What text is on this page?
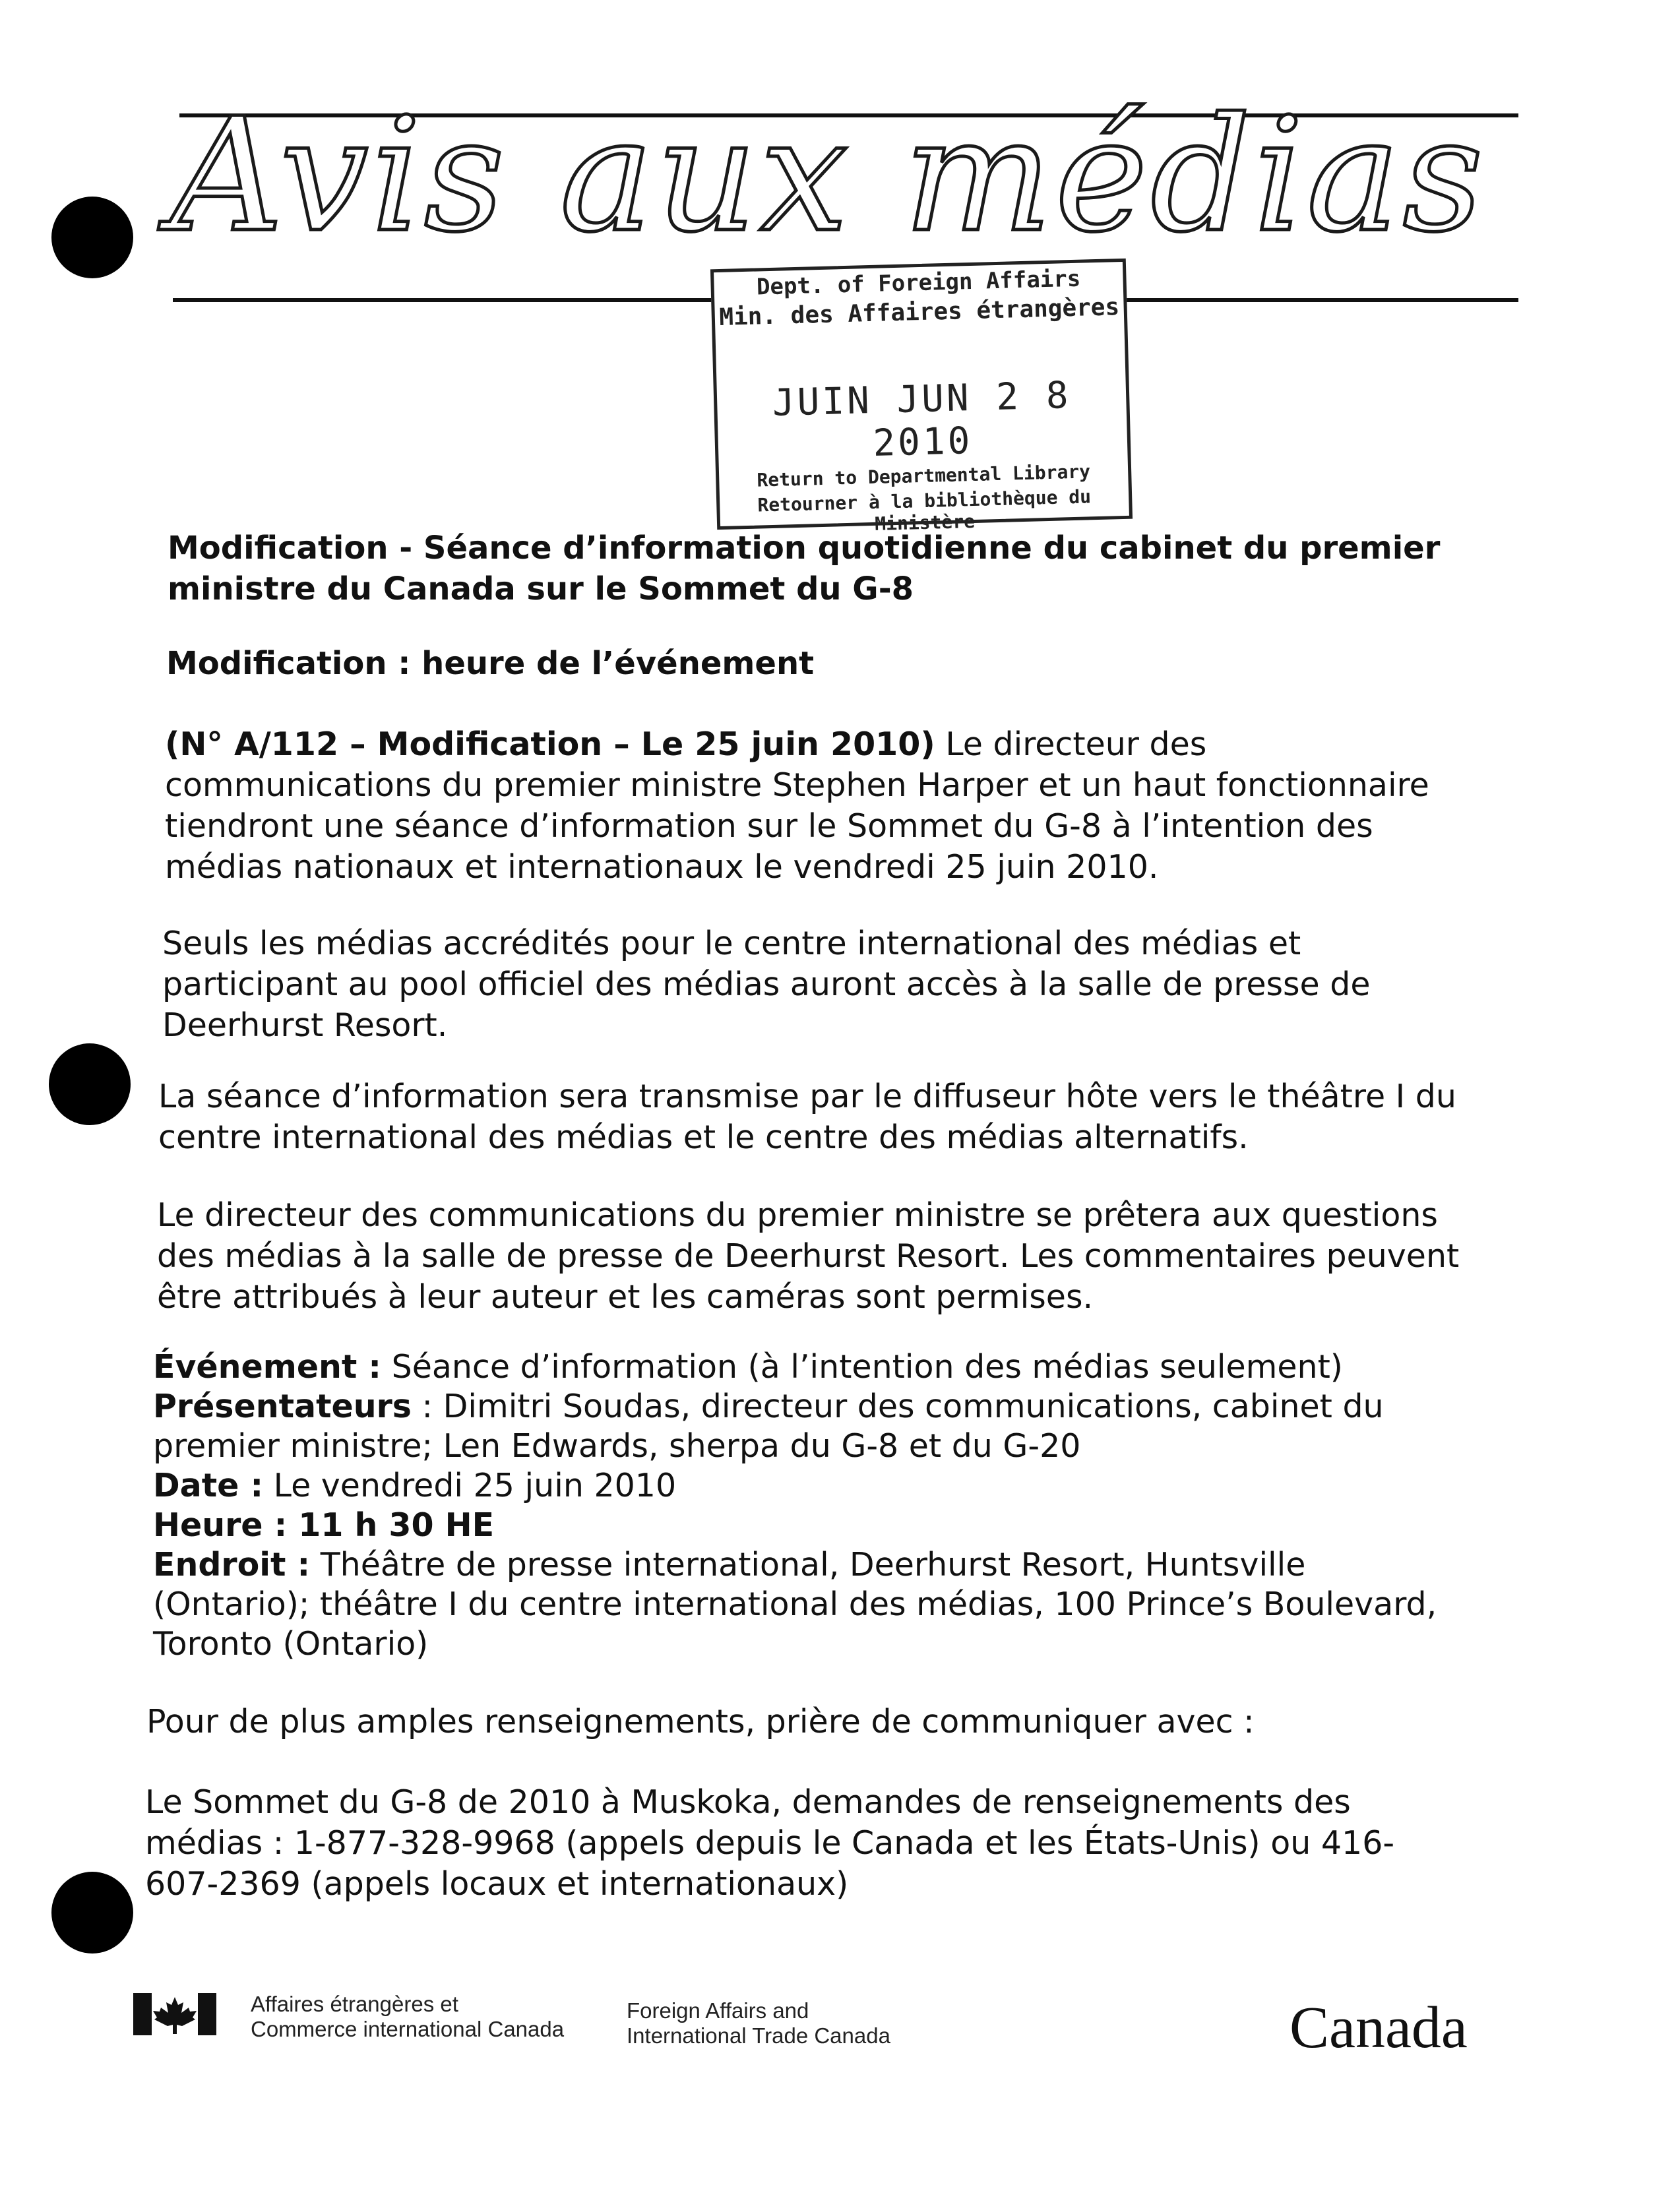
Avis aux médias
Dept. of Foreign Affairs
Min. des Affaires étrangères
JUIN JUN 2 8 2010
Return to Departmental Library
Retourner à la bibliothèque du Ministère
Modification - Séance d’information quotidienne du cabinet du premier
ministre du Canada sur le Sommet du G-8
Modification : heure de l’événement
(N° A/112 – Modification – Le 25 juin 2010) Le directeur des
communications du premier ministre Stephen Harper et un haut fonctionnaire
tiendront une séance d’information sur le Sommet du G-8 à l’intention des
médias nationaux et internationaux le vendredi 25 juin 2010.
Seuls les médias accrédités pour le centre international des médias et
participant au pool officiel des médias auront accès à la salle de presse de
Deerhurst Resort.
La séance d’information sera transmise par le diffuseur hôte vers le théâtre I du
centre international des médias et le centre des médias alternatifs.
Le directeur des communications du premier ministre se prêtera aux questions
des médias à la salle de presse de Deerhurst Resort. Les commentaires peuvent
être attribués à leur auteur et les caméras sont permises.
Événement : Séance d’information (à l’intention des médias seulement)
Présentateurs : Dimitri Soudas, directeur des communications, cabinet du
premier ministre; Len Edwards, sherpa du G-8 et du G-20
Date : Le vendredi 25 juin 2010
Heure : 11 h 30 HE
Endroit : Théâtre de presse international, Deerhurst Resort, Huntsville
(Ontario); théâtre I du centre international des médias, 100 Prince’s Boulevard,
Toronto (Ontario)
Pour de plus amples renseignements, prière de communiquer avec :
Le Sommet du G-8 de 2010 à Muskoka, demandes de renseignements des
médias : 1-877-328-9968 (appels depuis le Canada et les États-Unis) ou 416-
607-2369 (appels locaux et internationaux)
Affaires étrangères et
Commerce international Canada
Foreign Affairs and
International Trade Canada	Canada
